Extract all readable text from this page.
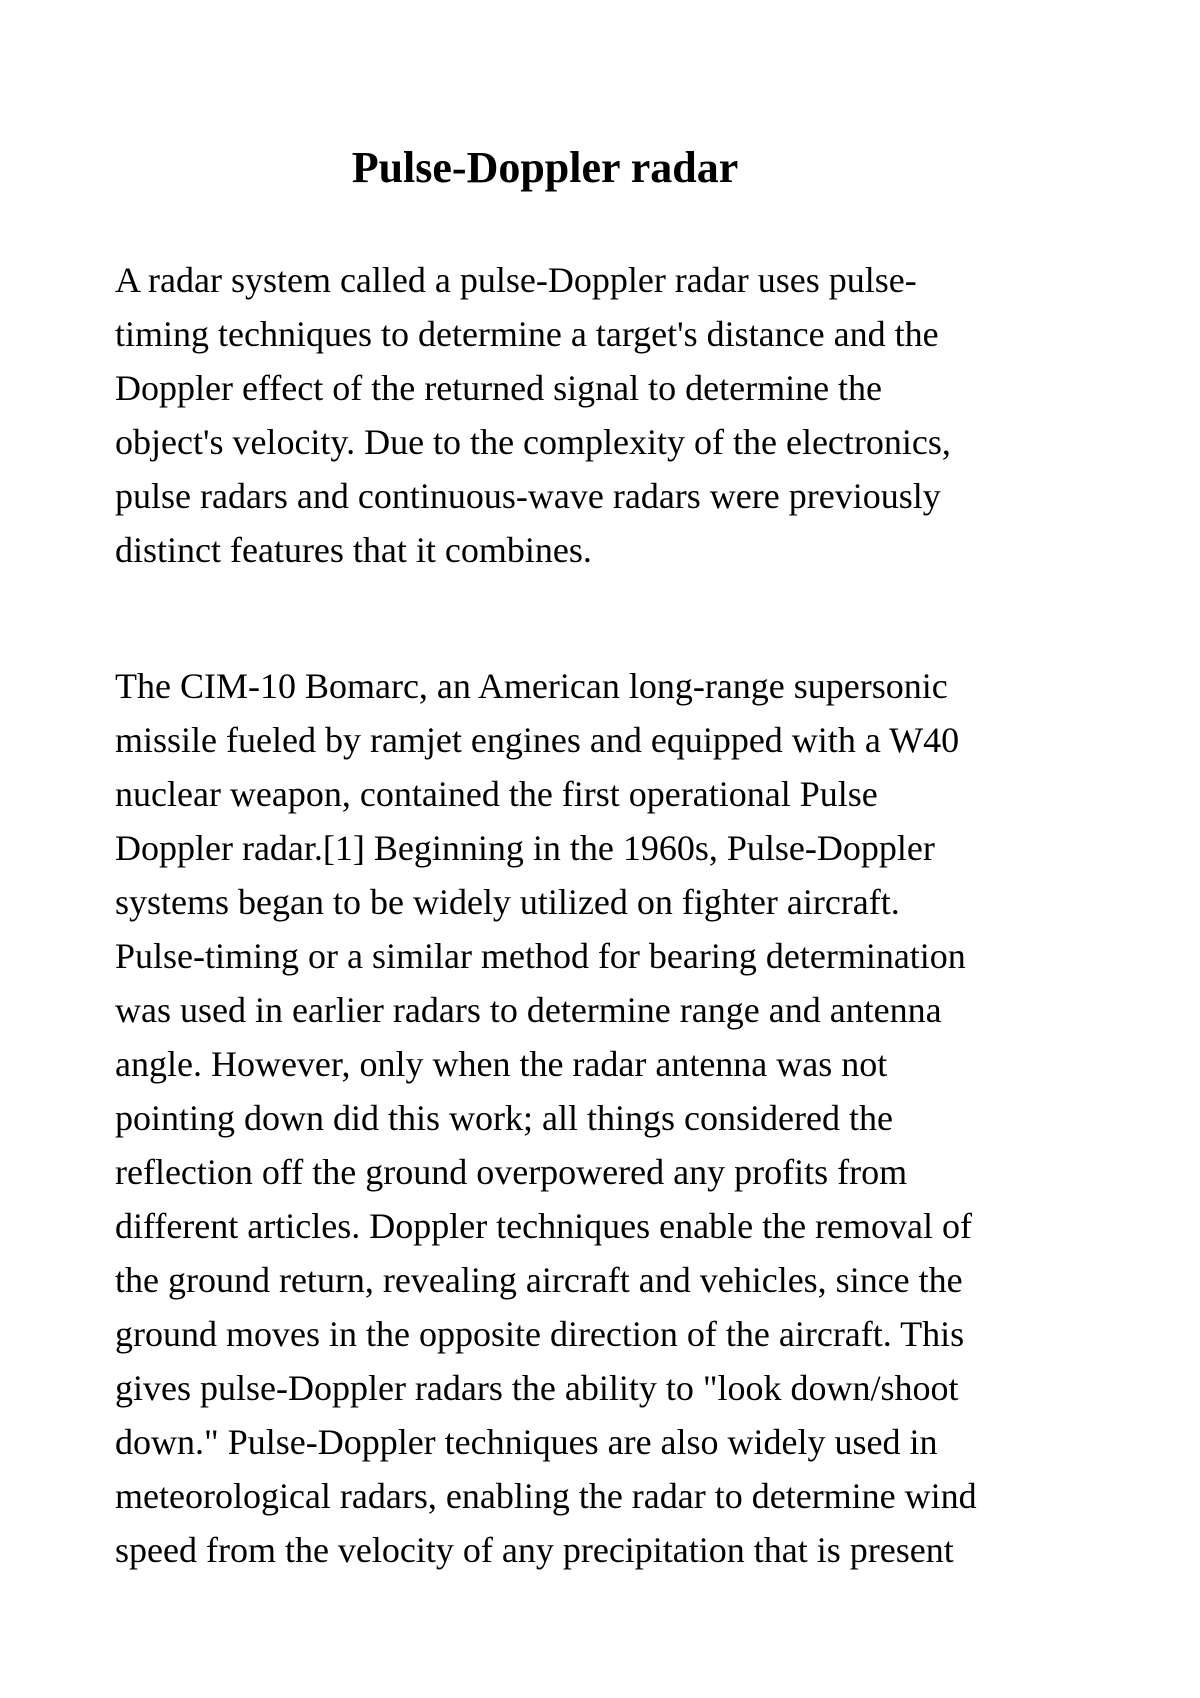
Pulse-Doppler radar

A radar system called a pulse-Doppler radar uses pulse-
timing techniques to determine a target's distance and the
Doppler effect of the returned signal to determine the
object's velocity. Due to the complexity of the electronics,
pulse radars and continuous-wave radars were previously
distinct features that it combines.

The CIM-10 Bomarc, an American long-range supersonic
missile fueled by ramjet engines and equipped with a W40
nuclear weapon, contained the first operational Pulse
Doppler radar.[1] Beginning in the 1960s, Pulse-Doppler
systems began to be widely utilized on fighter aircraft.
Pulse-timing or a similar method for bearing determination
was used in earlier radars to determine range and antenna
angle. However, only when the radar antenna was not
pointing down did this work; all things considered the
reflection off the ground overpowered any profits from
different articles. Doppler techniques enable the removal of
the ground return, revealing aircraft and vehicles, since the
ground moves in the opposite direction of the aircraft. This
gives pulse-Doppler radars the ability to "look down/shoot
down." Pulse-Doppler techniques are also widely used in
meteorological radars, enabling the radar to determine wind
speed from the velocity of any precipitation that is present
